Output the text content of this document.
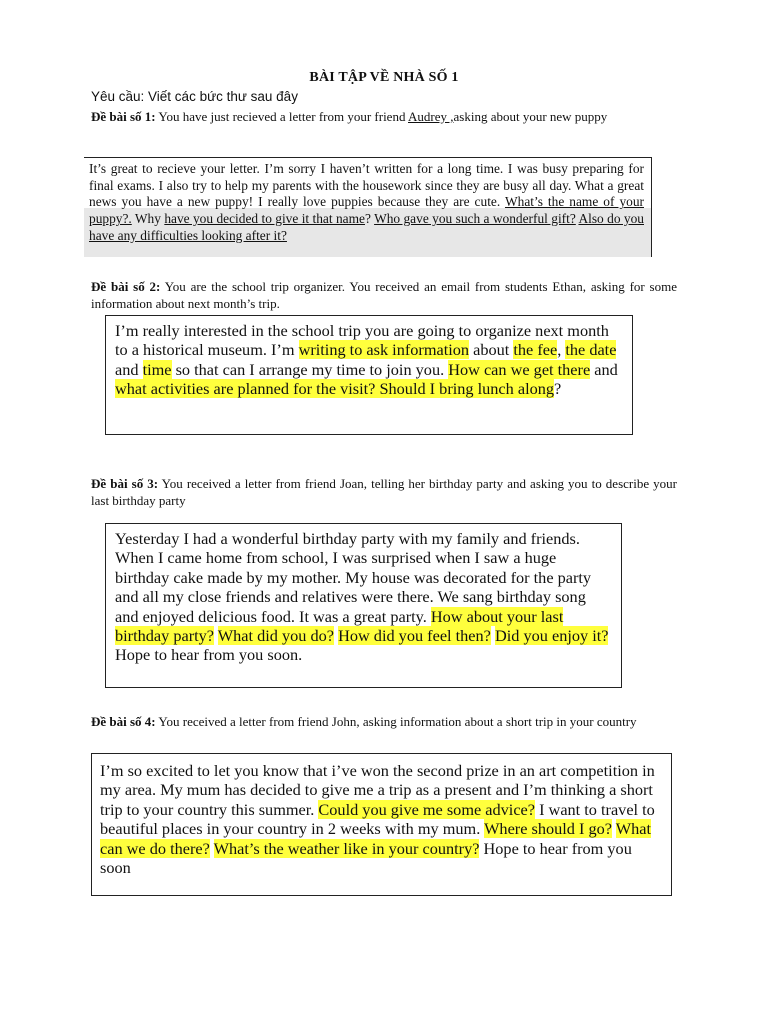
BÀI TẬP VỀ NHÀ SỐ 1
Yêu cầu: Viết các bức thư sau đây
Đề bài số 1: You have just recieved a letter from your friend Audrey ,asking about your new puppy
It’s great to recieve your letter. I’m sorry I haven’t written for a long time. I was busy preparing for final exams. I also try to help my parents with the housework since they are busy all day. What a great news you have a new puppy! I really love puppies because they are cute. What’s the name of your puppy?. Why have you decided to give it that name? Who gave you such a wonderful gift? Also do you have any difficulties looking after it?
Đề bài số 2: You are the school trip organizer. You received an email from students Ethan, asking for some information about next month’s trip.
I’m really interested in the school trip you are going to organize next month to a historical museum. I’m writing to ask information about the fee, the date and time so that can I arrange my time to join you. How can we get there and what activities are planned for the visit? Should I bring lunch along?
Đề bài số 3: You received a letter from friend Joan, telling her birthday party and asking you to describe your last birthday party
Yesterday I had a wonderful birthday party with my family and friends. When I came home from school, I was surprised when I saw a huge birthday cake made by my mother. My house was decorated for the party and all my close friends and relatives were there. We sang birthday song and enjoyed delicious food. It was a great party. How about your last birthday party? What did you do? How did you feel then? Did you enjoy it? Hope to hear from you soon.
Đề bài số 4: You received a letter from friend John, asking information about a short trip in your country
I’m so excited to let you know that i’ve won the second prize in an art competition in my area. My mum has decided to give me a trip as a present and I’m thinking a short trip to your country this summer. Could you give me some advice? I want to travel to beautiful places in your country in 2 weeks with my mum. Where should I go? What can we do there? What’s the weather like in your country? Hope to hear from you soon
